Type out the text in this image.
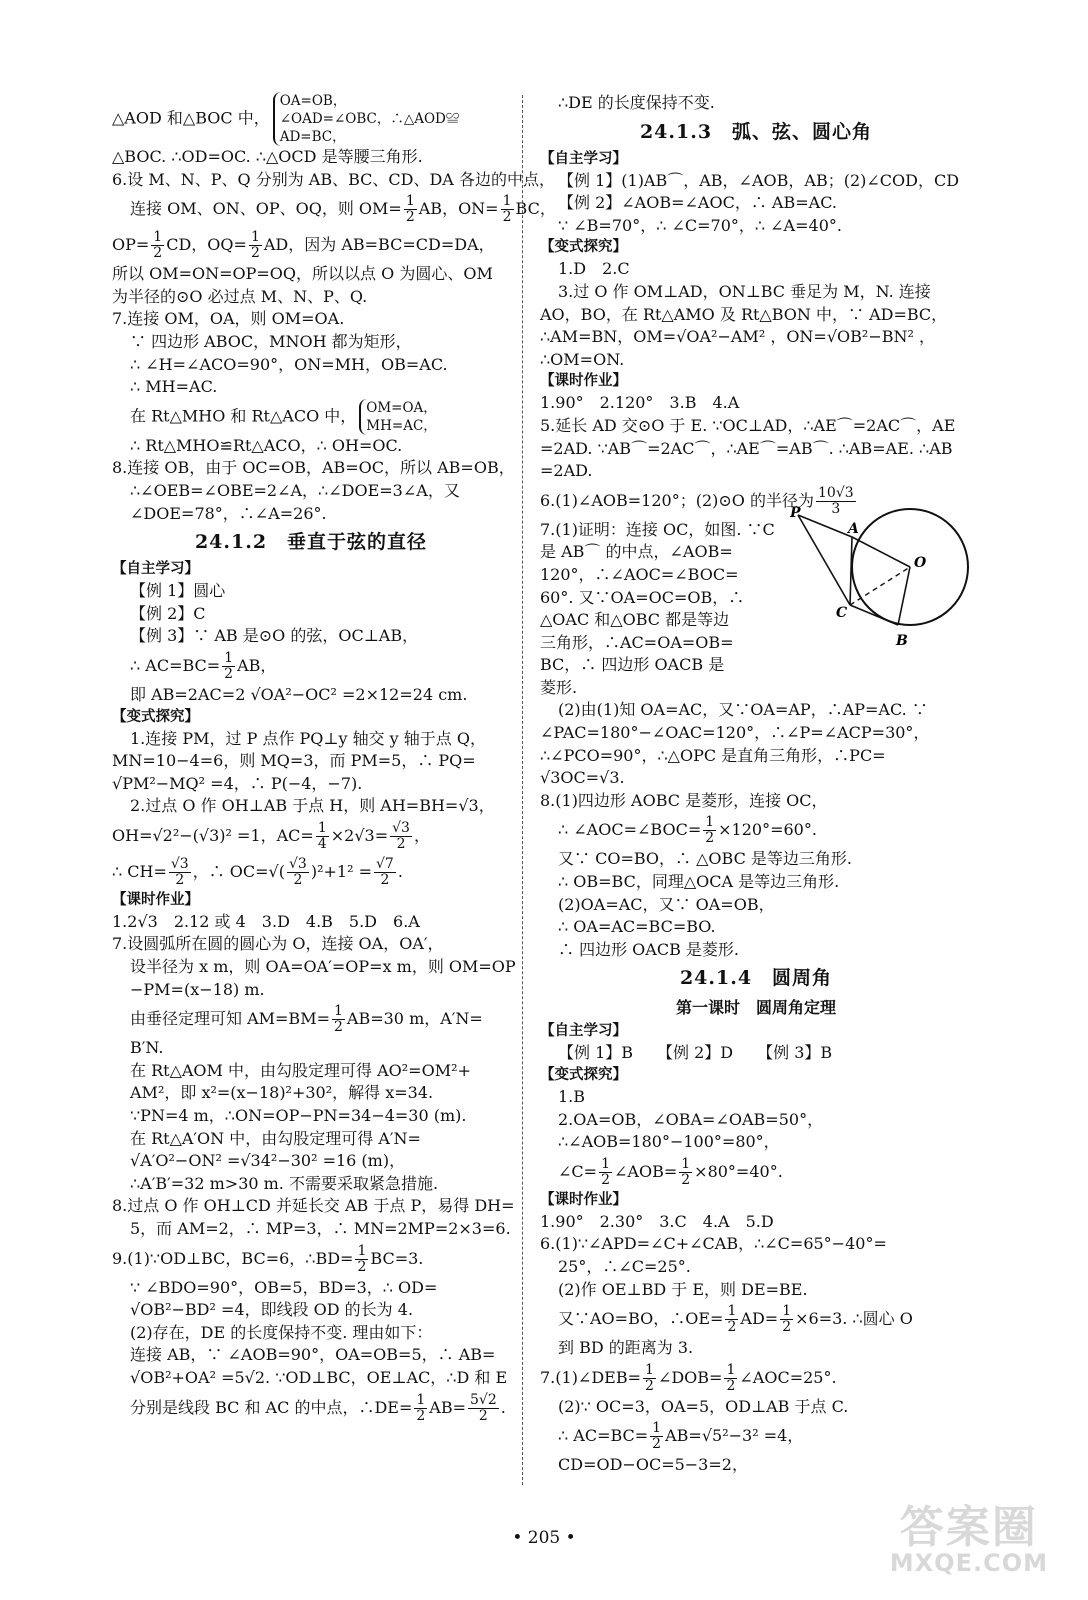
△AOD 和△BOC 中，
OA=OB，
∠OAD=∠OBC，∴△AOD≌
AD=BC，
△BOC. ∴OD=OC. ∴△OCD 是等腰三角形.
6.设 M、N、P、Q 分别为 AB、BC、CD、DA 各边的中点，
连接 OM、ON、OP、OQ，则 $OM= \frac{1}{2}$ AB，$ON= \frac{1}{2}$ BC，
$OP= \frac{1}{2}$ CD，$OQ= \frac{1}{2}$ AD，因为 AB=BC=CD=DA，
所以 OM=ON=OP=OQ，所以以点 O 为圆心、OM
为半径的⊙O 必过点 M、N、P、Q.
7.连接 OM，OA，则 OM=OA.
∵ 四边形 ABOC，MNOH 都为矩形，
∴ ∠H=∠ACO=90°，ON=MH，OB=AC.
∴ MH=AC.
在 Rt△MHO 和 Rt△ACO 中， OM=OA，
MH=AC，
∴ Rt△MHO≌Rt△ACO，∴ OH=OC.
8.连接 OB，由于 OC=OB，AB=OC，所以 AB=OB，
∴∠OEB=∠OBE=2∠A，∴∠DOE=3∠A，又
∠DOE=78°，∴∠A=26°.
24.1.2　垂直于弦的直径
【自主学习】
【例 1】圆心
【例 2】C
【例 3】∵ AB 是⊙O 的弦，OC⊥AB，
∴ $AC=BC= \frac{1}{2}$ AB，
即 AB=2AC=2 √OA²−OC² =2×12=24 cm.
【变式探究】
1.连接 PM，过 P 点作 PQ⊥y 轴交 y 轴于点 Q，
MN=10−4=6，则 MQ=3，而 PM=5，∴ PQ=
√PM²−MQ² =4，∴ P(−4，−7).
2.过点 O 作 OH⊥AB 于点 H，则 AH=BH=√3，
OH=√2²−(√3)² =1，$AC= \frac{1}{4} \times 2√3= \frac{√3}{2}$ ，
∴ $CH= \frac{√3}{2}$ ，∴ $OC=√( \frac{√3}{2} )^2+1^2 = \frac{√7}{2}$ .
【课时作业】
1.2√3　2.12 或 4　3.D　4.B　5.D　6.A
7.设圆弧所在圆的圆心为 O，连接 OA，OA′，
设半径为 x m，则 OA=OA′=OP=x m，则 OM=OP
−PM=(x−18) m.
由垂径定理可知 $AM=BM= \frac{1}{2} AB=30$ m，A′N=
B′N.
在 Rt△AOM 中，由勾股定理可得 AO²=OM²+
AM²，即 x²=(x−18)²+30²，解得 x=34.
∵PN=4 m，∴ON=OP−PN=34−4=30 (m).
在 Rt△A′ON 中，由勾股定理可得 A′N=
√A′O²−ON² =√34²−30² =16 (m)，
∴A′B′=32 m>30 m. 不需要采取紧急措施.
8.过点 O 作 OH⊥CD 并延长交 AB 于点 P，易得 DH=
5，而 AM=2，∴ MP=3，∴ MN=2MP=2×3=6.
9.(1)∵OD⊥BC，BC=6，∴BD= $\frac{1}{2} BC=3$.
∵ ∠BDO=90°，OB=5，BD=3，∴ OD=
√OB²−BD² =4，即线段 OD 的长为 4.
(2)存在，DE 的长度保持不变. 理由如下：
连接 AB，∵ ∠AOB=90°，OA=OB=5，∴ AB=
√OB²+OA² =5√2. ∵OD⊥BC，OE⊥AC，∴D 和 E
分别是线段 BC 和 AC 的中点，∴DE= $\frac{1}{2} AB= \frac{5√2}{2}$ .
∴DE 的长度保持不变.
24.1.3　弧、弦、圆心角
【自主学习】
【例 1】(1)AB⌒，AB，∠AOB，AB；(2)∠COD，CD
【例 2】∠AOB=∠AOC，∴ AB=AC.
∵ ∠B=70°，∴ ∠C=70°，∴ ∠A=40°.
【变式探究】
1.D　2.C
3.过 O 作 OM⊥AD，ON⊥BC 垂足为 M，N. 连接
AO，BO，在 Rt△AMO 及 Rt△BON 中，∵ AD=BC，
∴AM=BN，OM=√OA²−AM² ，ON=√OB²−BN² ，
∴OM=ON.
【课时作业】
1.90°　2.120°　3.B　4.A
5.延长 AD 交⊙O 于 E. ∵OC⊥AD，∴AE⌒=2AC⌒，AE
=2AD. ∵AB⌒=2AC⌒，∴AE⌒=AB⌒. ∴AB=AE. ∴AB
=2AD.
6.(1)∠AOB=120°；(2)⊙O 的半径为 $\frac{10√3}{3}$
7.(1)证明：连接 OC，如图. ∵C
是 AB⌒ 的中点，∠AOB=
120°，∴∠AOC=∠BOC=
60°. 又∵OA=OC=OB，∴
△OAC 和△OBC 都是等边
三角形，∴AC=OA=OB=
BC，∴ 四边形 OACB 是
菱形.
(2)由(1)知 OA=AC，又∵OA=AP，∴AP=AC. ∵
∠PAC=180°−∠OAC=120°，∴∠P=∠ACP=30°，
∴∠PCO=90°，∴△OPC 是直角三角形，∴PC=
√3OC=√3.
8.(1)四边形 AOBC 是菱形，连接 OC，
∴ ∠AOC=∠BOC= $\frac{1}{2} \times 120^\circ=60^\circ$.
又∵ CO=BO，∴ △OBC 是等边三角形.
∴ OB=BC，同理△OCA 是等边三角形.
(2)OA=AC，又∵ OA=OB，
∴ OA=AC=BC=BO.
∴ 四边形 OACB 是菱形.
24.1.4　圆周角
第一课时　圆周角定理
【自主学习】
【例 1】B　　【例 2】D　　【例 3】B
【变式探究】
1.B
2.OA=OB，∠OBA=∠OAB=50°，
∴∠AOB=180°−100°=80°，
∠C= $\frac{1}{2}$ ∠AOB= $\frac{1}{2} \times 80^\circ=40^\circ$.
【课时作业】
1.90°　2.30°　3.C　4.A　5.D
6.(1)∵∠APD=∠C+∠CAB，∴∠C=65°−40°=
25°，∴∠C=25°.
(2)作 OE⊥BD 于 E，则 DE=BE.
又∵AO=BO，∴OE= $\frac{1}{2} AD= \frac{1}{2} \times 6=3$. ∴圆心 O
到 BD 的距离为 3.
7.(1)∠DEB= $\frac{1}{2}$ ∠DOB= $\frac{1}{2}$ ∠AOC=25°.
(2)∵ OC=3，OA=5，OD⊥AB 于点 C.
∴ $AC=BC= \frac{1}{2} AB=√5^2-3^2 =4$，
CD=OD−OC=5−3=2，
P
A
O
C
B
• 205 •	答案圈
MXQE.COM
